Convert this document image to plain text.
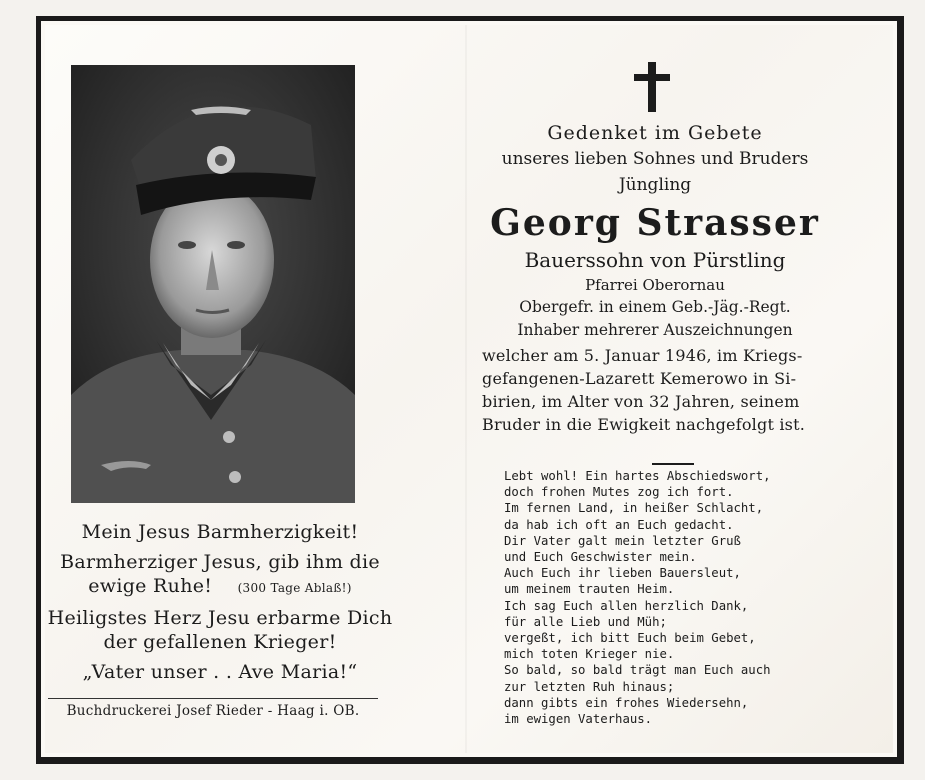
Mein Jesus Barmherzigkeit!
Barmherziger Jesus, gib ihm die
ewige Ruhe! (300 Tage Ablaß!)
Heiligstes Herz Jesu erbarme Dich
der gefallenen Krieger!
„Vater unser . . Ave Maria!“
Buchdruckerei Josef Rieder - Haag i. OB.
Gedenket im Gebete
unseres lieben Sohnes und Bruders
Jüngling
Georg Strasser
Bauerssohn von Pürstling
Pfarrei Oberornau
Obergefr. in einem Geb.-Jäg.-Regt.
Inhaber mehrerer Auszeichnungen
welcher am 5. Januar 1946, im Kriegs-
gefangenen-Lazarett Kemerowo in Si-
birien, im Alter von 32 Jahren, seinem
Bruder in die Ewigkeit nachgefolgt ist.
Lebt wohl! Ein hartes Abschiedswort,
doch frohen Mutes zog ich fort.
Im fernen Land, in heißer Schlacht,
da hab ich oft an Euch gedacht.
Dir Vater galt mein letzter Gruß
und Euch Geschwister mein.
Auch Euch ihr lieben Bauersleut,
um meinem trauten Heim.
Ich sag Euch allen herzlich Dank,
für alle Lieb und Müh;
vergeßt, ich bitt Euch beim Gebet,
mich toten Krieger nie.
So bald, so bald trägt man Euch auch
zur letzten Ruh hinaus;
dann gibts ein frohes Wiedersehn,
im ewigen Vaterhaus.
